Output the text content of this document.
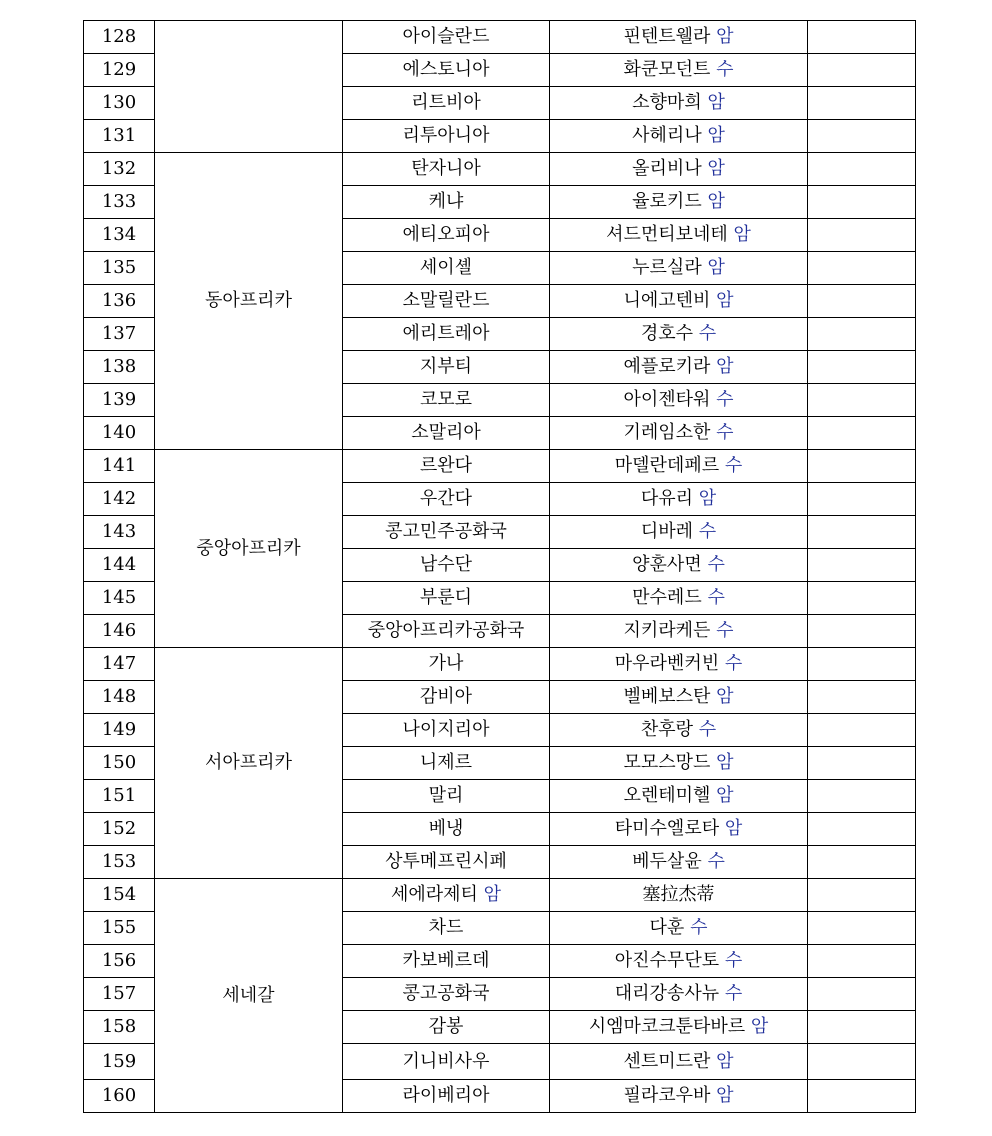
128		아이슬란드	핀텐트웰라 암	
129		에스토니아	화쿤모던트 수	
130		리트비아	소향마희 암	
131		리투아니아	사헤리나 암	
132	동아프리카	탄자니아	올리비나 암	
133		케냐	율로키드 암	
134		에티오피아	셔드먼티보네테 암	
135		세이셸	누르실라 암	
136		소말릴란드	니에고텐비 암	
137		에리트레아	경호수 수	
138		지부티	예플로키라 암	
139		코모로	아이젠타워 수	
140		소말리아	기레임소한 수	
141	중앙아프리카	르완다	마델란데페르 수	
142		우간다	다유리 암	
143		콩고민주공화국	디바레 수	
144		남수단	양훈사면 수	
145		부룬디	만수레드 수	
146		중앙아프리카공화국	지키라케든 수	
147	서아프리카	가나	마우라벤커빈 수	
148		감비아	벨베보스탄 암	
149		나이지리아	찬후랑 수	
150		니제르	모모스망드 암	
151		말리	오렌테미헬 암	
152		베냉	타미수엘로타 암	
153		상투메프린시페	베두살윤 수	
154	세네갈	세에라제티 암	塞拉杰蒂	
155		차드	다훈 수	
156		카보베르데	아진수무단토 수	
157		콩고공화국	대리강송사뉴 수	
158		감봉	시엠마코크툰타바르 암	
159		기니비사우	센트미드란 암	
160		라이베리아	필라코우바 암	
